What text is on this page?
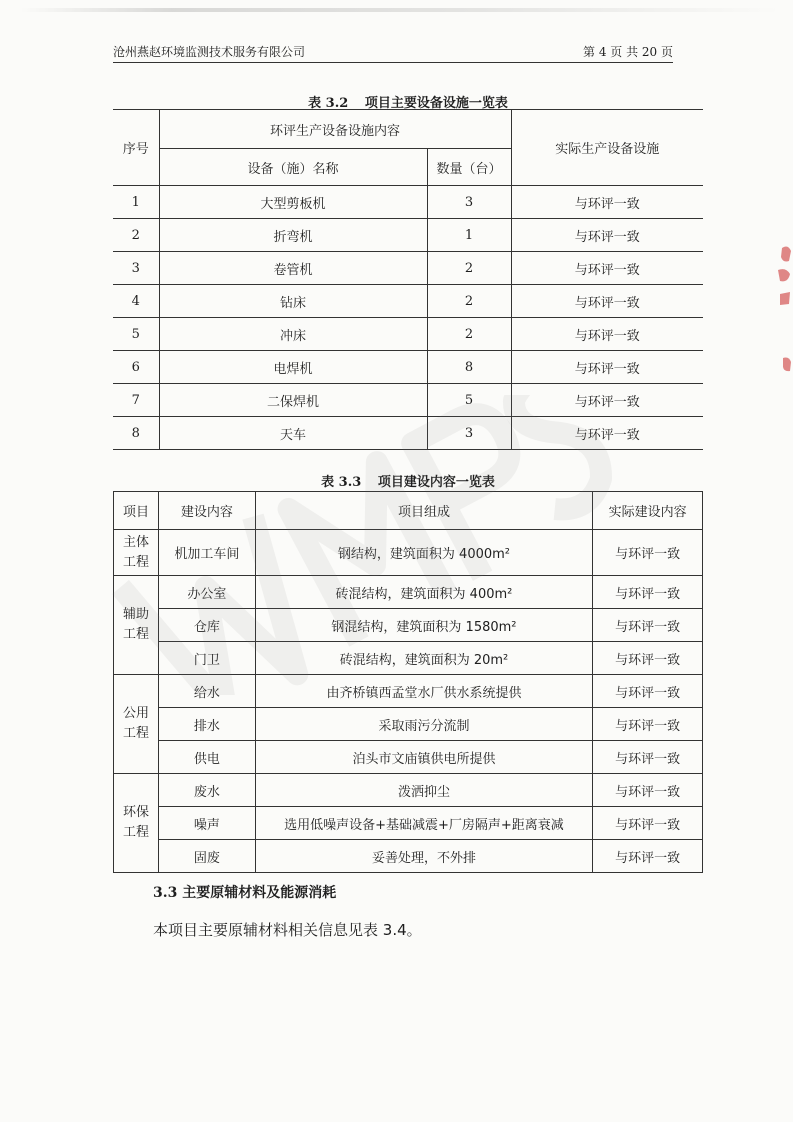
沧州燕赵环境监测技术服务有限公司	第 4 页 共 20 页
表 3.2 项目主要设备设施一览表
序号	环评生产设备设施内容		实际生产设备设施
	设备（施）名称	数量（台）	
1	大型剪板机	3	与环评一致
2	折弯机	1	与环评一致
3	卷管机	2	与环评一致
4	钻床	2	与环评一致
5	冲床	2	与环评一致
6	电焊机	8	与环评一致
7	二保焊机	5	与环评一致
8	天车	3	与环评一致
表 3.3 项目建设内容一览表
项目	建设内容	项目组成	实际建设内容
主体工程	机加工车间	钢结构，建筑面积为 4000m²	与环评一致
辅助工程	办公室	砖混结构，建筑面积为 400m²	与环评一致
	仓库	钢混结构，建筑面积为 1580m²	与环评一致
	门卫	砖混结构，建筑面积为 20m²	与环评一致
公用工程	给水	由齐桥镇西孟堂水厂供水系统提供	与环评一致
	排水	采取雨污分流制	与环评一致
	供电	泊头市文庙镇供电所提供	与环评一致
环保工程	废水	泼洒抑尘	与环评一致
	噪声	选用低噪声设备+基础减震+厂房隔声+距离衰减	与环评一致
	固废	妥善处理，不外排	与环评一致
3.3 主要原辅材料及能源消耗
本项目主要原辅材料相关信息见表 3.4。
